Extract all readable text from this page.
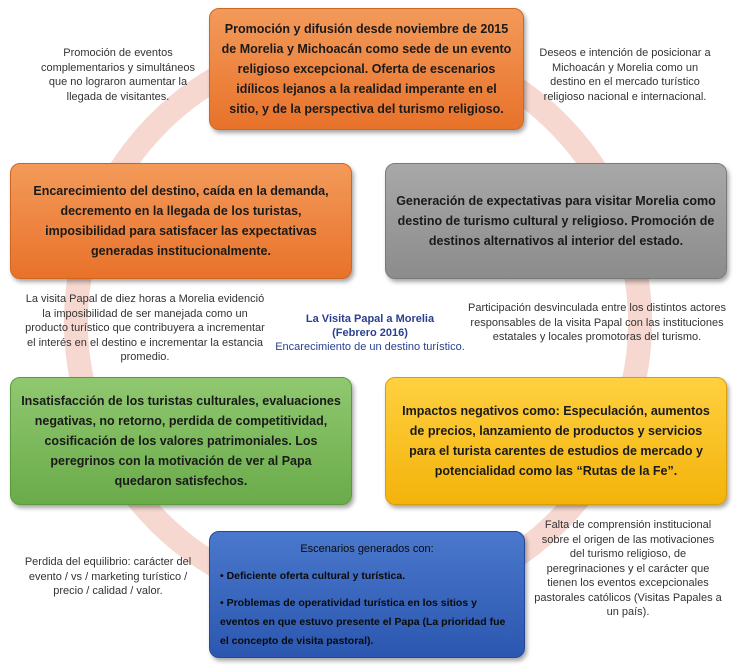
Promoción y difusión desde noviembre de 2015 de Morelia y Michoacán como sede de un evento religioso excepcional. Oferta de escenarios idílicos lejanos a la realidad imperante en el sitio, y de la perspectiva del turismo religioso.
Encarecimiento del destino, caída en la demanda, decremento en la llegada de los turistas, imposibilidad para satisfacer las expectativas generadas institucionalmente.
Generación de expectativas para visitar Morelia como destino de turismo cultural y religioso. Promoción de destinos alternativos al interior del estado.
Insatisfacción de los turistas culturales, evaluaciones negativas, no retorno, perdida de competitividad, cosificación de los valores patrimoniales. Los peregrinos con la motivación de ver al Papa quedaron satisfechos.
Impactos negativos como: Especulación, aumentos de precios, lanzamiento de productos y servicios para el turista carentes de estudios de mercado y potencialidad como las “Rutas de la Fe”.
Escenarios generados con:
• Deficiente oferta cultural y turística.
• Problemas de operatividad turística en los sitios y eventos en que estuvo presente el Papa (La prioridad fue el concepto de visita pastoral).
Promoción de eventos complementarios y simultáneos que no lograron aumentar la llegada de visitantes.
Deseos e intención de posicionar a Michoacán y Morelia como un destino en el mercado turístico religioso nacional e internacional.
La visita Papal de diez horas a Morelia evidenció la imposibilidad de ser manejada como un producto turístico que contribuyera a incrementar el interés en el destino e incrementar la estancia promedio.
Participación desvinculada entre los distintos actores responsables de la visita Papal con las instituciones estatales y locales promotoras del turismo.
Perdida del equilibrio: carácter del evento / vs / marketing turístico / precio / calidad / valor.
Falta de comprensión institucional sobre el origen de las motivaciones del turismo religioso, de peregrinaciones y el carácter que tienen los eventos excepcionales pastorales católicos (Visitas Papales a un país).
La Visita Papal a Morelia
(Febrero 2016)
Encarecimiento de un destino turístico.
